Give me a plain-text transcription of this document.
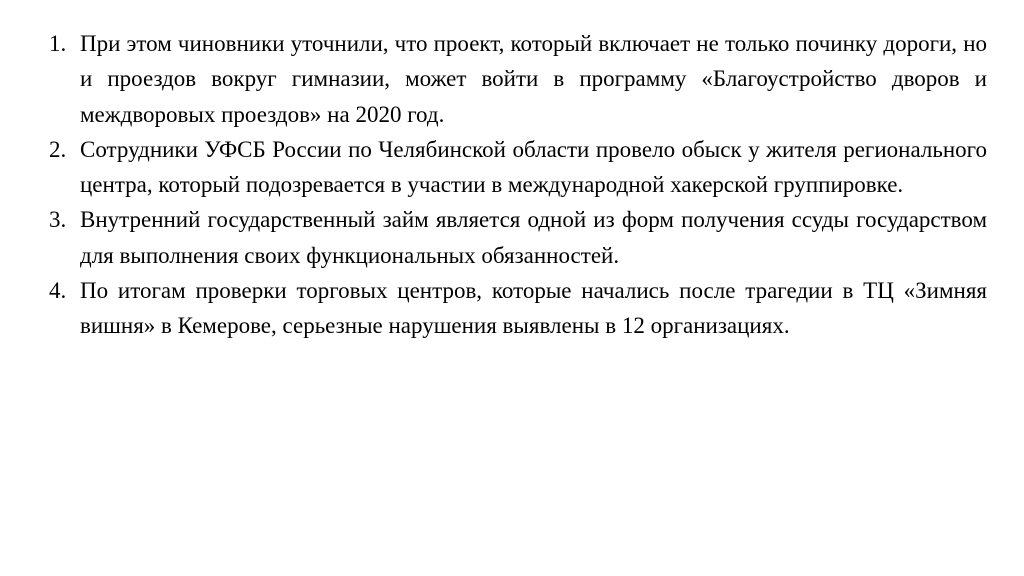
1. При этом чиновники уточнили, что проект, который включает не только починку дороги, но и проездов вокруг гимназии, может войти в программу «Благоустройство дворов и междворовых проездов» на 2020 год.
2. Сотрудники УФСБ России по Челябинской области провело обыск у жителя регионального центра, который подозревается в участии в международной хакерской группировке.
3. Внутренний государственный займ является одной из форм получения ссуды государством для выполнения своих функциональных обязанностей.
4. По итогам проверки торговых центров, которые начались после трагедии в ТЦ «Зимняя вишня» в Кемерове, серьезные нарушения выявлены в 12 организациях.
